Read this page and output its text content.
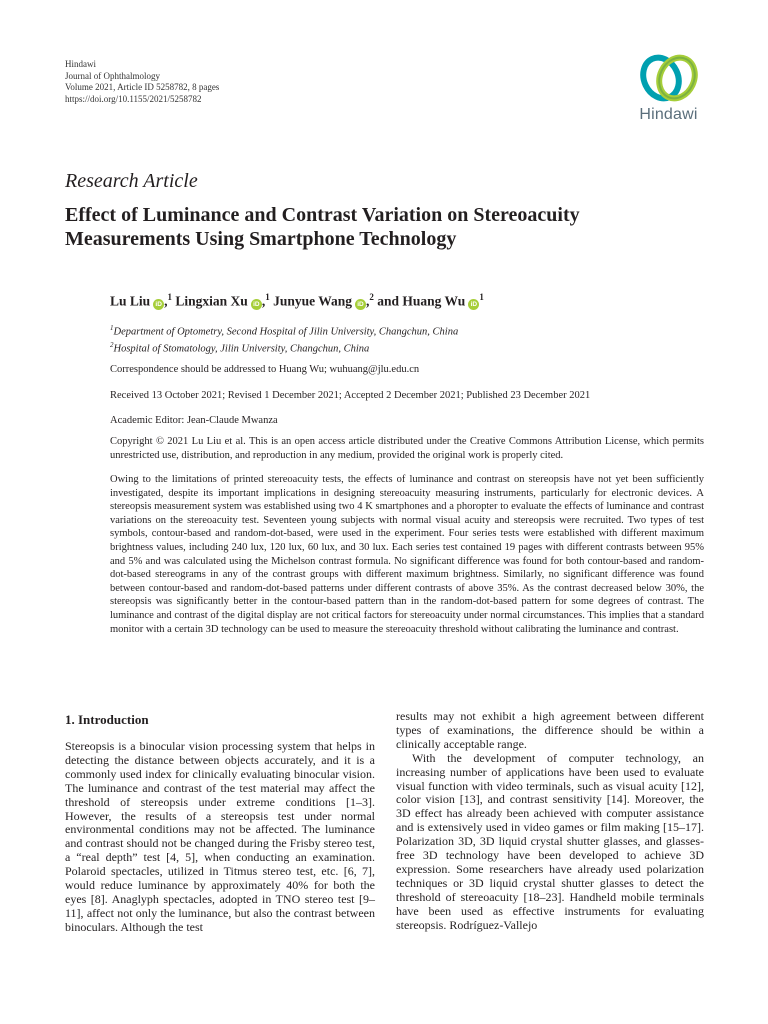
Hindawi
Journal of Ophthalmology
Volume 2021, Article ID 5258782, 8 pages
https://doi.org/10.1155/2021/5258782
Hindawi
Research Article
Effect of Luminance and Contrast Variation on Stereoacuity Measurements Using Smartphone Technology
Lu Liu iD ,$^1$ Lingxian Xu iD ,$^1$ Junyue Wang iD ,$^2$ and Huang Wu $iD^1$
$^1$Department of Optometry, Second Hospital of Jilin University, Changchun, China
$^2$Hospital of Stomatology, Jilin University, Changchun, China
Correspondence should be addressed to Huang Wu; wuhuang@jlu.edu.cn
Received 13 October 2021; Revised 1 December 2021; Accepted 2 December 2021; Published 23 December 2021
Academic Editor: Jean-Claude Mwanza
Copyright © 2021 Lu Liu et al. This is an open access article distributed under the Creative Commons Attribution License, which permits unrestricted use, distribution, and reproduction in any medium, provided the original work is properly cited.
Owing to the limitations of printed stereoacuity tests, the effects of luminance and contrast on stereopsis have not yet been sufficiently investigated, despite its important implications in designing stereoacuity measuring instruments, particularly for electronic devices. A stereopsis measurement system was established using two 4 K smartphones and a phoropter to evaluate the effects of luminance and contrast variations on the stereoacuity test. Seventeen young subjects with normal visual acuity and stereopsis were recruited. Two types of test symbols, contour-based and random-dot-based, were used in the experiment. Four series tests were established with different maximum brightness values, including 240 lux, 120 lux, 60 lux, and 30 lux. Each series test contained 19 pages with different contrasts between 95% and 5% and was calculated using the Michelson contrast formula. No significant difference was found for both contour-based and random-dot-based stereograms in any of the contrast groups with different maximum brightness. Similarly, no significant difference was found between contour-based and random-dot-based patterns under different contrasts of above 35%. As the contrast decreased below 30%, the stereopsis was significantly better in the contour-based pattern than in the random-dot-based pattern for some degrees of contrast. The luminance and contrast of the digital display are not critical factors for stereoacuity under normal circumstances. This implies that a standard monitor with a certain 3D technology can be used to measure the stereoacuity threshold without calibrating the luminance and contrast.
1. Introduction

Stereopsis is a binocular vision processing system that helps in detecting the distance between objects accurately, and it is a commonly used index for clinically evaluating binocular vision. The luminance and contrast of the test material may affect the threshold of stereopsis under extreme conditions [1–3]. However, the results of a stereopsis test under normal environmental conditions may not be affected. The luminance and contrast should not be changed during the Frisby stereo test, a “real depth” test [4, 5], when conducting an examination. Polaroid spectacles, utilized in Titmus stereo test, etc. [6, 7], would reduce luminance by approximately 40% for both the eyes [8]. Anaglyph spectacles, adopted in TNO stereo test [9–11], affect not only the luminance, but also the contrast between binoculars. Although the test

results may not exhibit a high agreement between different types of examinations, the difference should be within a clinically acceptable range.

With the development of computer technology, an increasing number of applications have been used to evaluate visual function with video terminals, such as visual acuity [12], color vision [13], and contrast sensitivity [14]. Moreover, the 3D effect has already been achieved with computer assistance and is extensively used in video games or film making [15–17]. Polarization 3D, 3D liquid crystal shutter glasses, and glasses-free 3D technology have been developed to achieve 3D expression. Some researchers have already used polarization techniques or 3D liquid crystal shutter glasses to detect the threshold of stereoacuity [18–23]. Handheld mobile terminals have been used as effective instruments for evaluating stereopsis. Rodríguez-Vallejo
